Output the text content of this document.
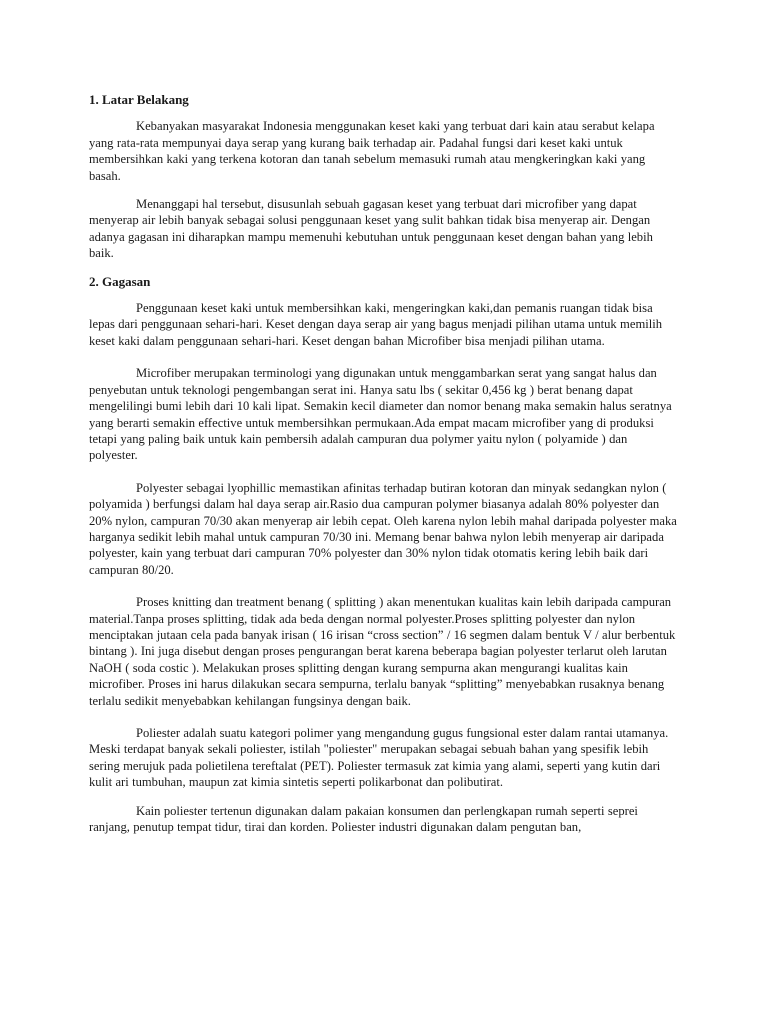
1. Latar Belakang

Kebanyakan masyarakat Indonesia menggunakan keset kaki yang terbuat dari kain atau serabut kelapa yang rata-rata mempunyai daya serap yang kurang baik terhadap air. Padahal fungsi dari keset kaki untuk membersihkan kaki yang terkena kotoran dan tanah sebelum memasuki rumah atau mengkeringkan kaki yang basah.

Menanggapi hal tersebut, disusunlah sebuah gagasan keset yang terbuat dari microfiber yang dapat menyerap air lebih banyak sebagai solusi penggunaan keset yang sulit bahkan tidak bisa menyerap air. Dengan adanya gagasan ini diharapkan mampu memenuhi kebutuhan untuk penggunaan keset dengan bahan yang lebih baik.

2. Gagasan

Penggunaan keset kaki untuk membersihkan kaki, mengeringkan kaki,dan pemanis ruangan tidak bisa lepas dari penggunaan sehari-hari. Keset dengan daya serap air yang bagus menjadi pilihan utama untuk memilih keset kaki dalam penggunaan sehari-hari. Keset dengan bahan Microfiber bisa menjadi pilihan utama.

Microfiber merupakan terminologi yang digunakan untuk menggambarkan serat yang sangat halus dan penyebutan untuk teknologi pengembangan serat ini. Hanya satu lbs ( sekitar 0,456 kg ) berat benang dapat mengelilingi bumi lebih dari 10 kali lipat. Semakin kecil diameter dan nomor benang maka semakin halus seratnya yang berarti semakin effective untuk membersihkan permukaan.Ada empat macam microfiber yang di produksi tetapi yang paling baik untuk kain pembersih adalah campuran dua polymer yaitu nylon ( polyamide ) dan polyester.

Polyester sebagai lyophillic memastikan afinitas terhadap butiran kotoran dan minyak sedangkan nylon ( polyamida ) berfungsi dalam hal daya serap air.Rasio dua campuran polymer biasanya adalah 80% polyester dan 20% nylon, campuran 70/30 akan menyerap air lebih cepat. Oleh karena nylon lebih mahal daripada polyester maka harganya sedikit lebih mahal untuk campuran 70/30 ini. Memang benar bahwa nylon lebih menyerap air daripada polyester, kain yang terbuat dari campuran 70% polyester dan 30% nylon tidak otomatis kering lebih baik dari campuran 80/20.

Proses knitting dan treatment benang ( splitting ) akan menentukan kualitas kain lebih daripada campuran material.Tanpa proses splitting, tidak ada beda dengan normal polyester.Proses splitting polyester dan nylon menciptakan jutaan cela pada banyak irisan ( 16 irisan “cross section” / 16 segmen dalam bentuk V / alur berbentuk bintang ). Ini juga disebut dengan proses pengurangan berat karena beberapa bagian polyester terlarut oleh larutan NaOH ( soda costic ). Melakukan proses splitting dengan kurang sempurna akan mengurangi kualitas kain microfiber. Proses ini harus dilakukan secara sempurna, terlalu banyak “splitting” menyebabkan rusaknya benang terlalu sedikit menyebabkan kehilangan fungsinya dengan baik.

Poliester adalah suatu kategori polimer yang mengandung gugus fungsional ester dalam rantai utamanya. Meski terdapat banyak sekali poliester, istilah "poliester" merupakan sebagai sebuah bahan yang spesifik lebih sering merujuk pada polietilena tereftalat (PET). Poliester termasuk zat kimia yang alami, seperti yang kutin dari kulit ari tumbuhan, maupun zat kimia sintetis seperti polikarbonat dan polibutirat.

Kain poliester tertenun digunakan dalam pakaian konsumen dan perlengkapan rumah seperti seprei ranjang, penutup tempat tidur, tirai dan korden. Poliester industri digunakan dalam pengutan ban,
